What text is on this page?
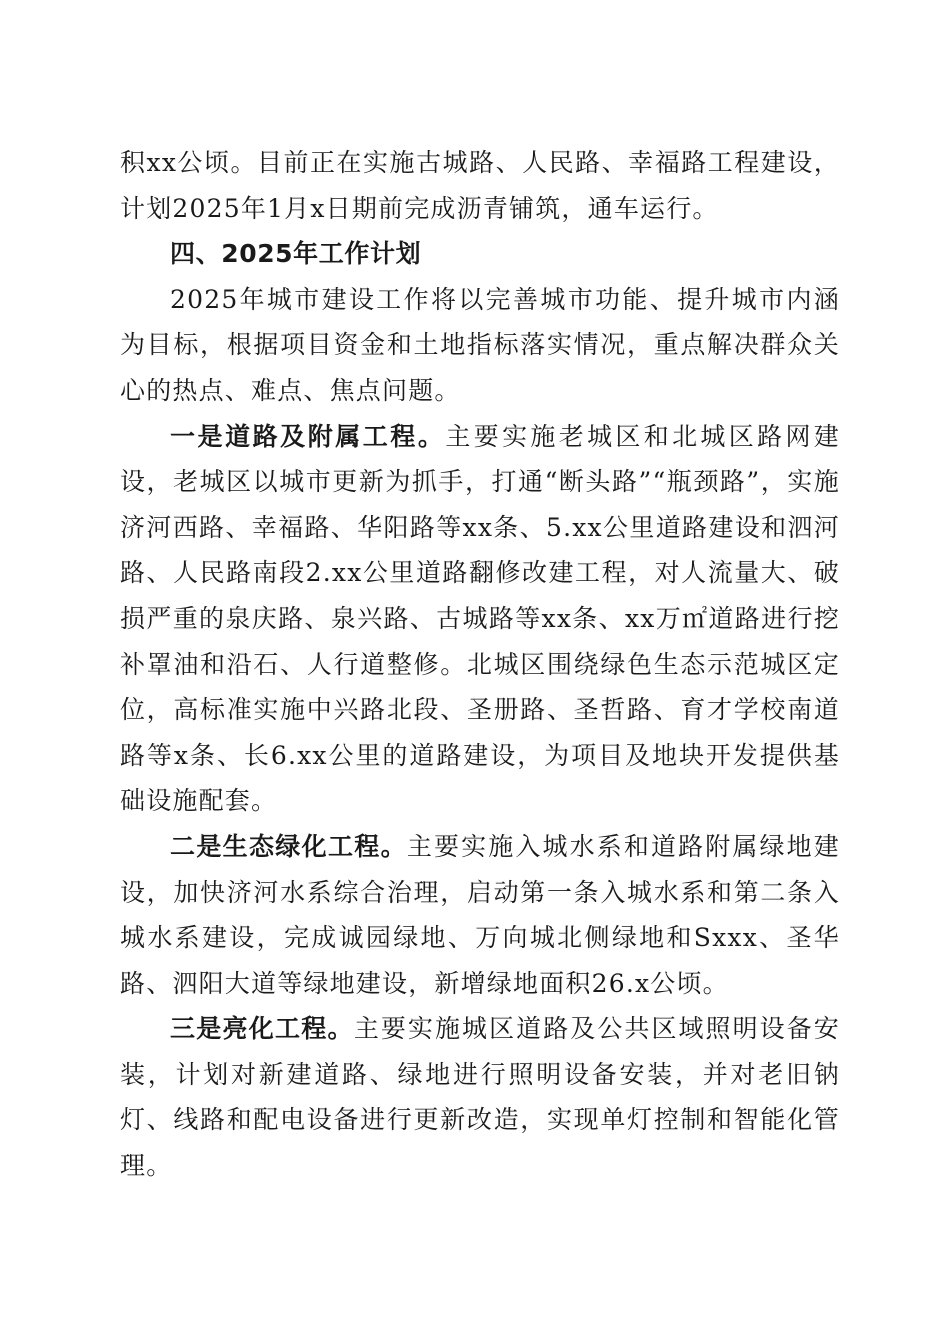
积xx公顷。目前正在实施古城路、人民路、幸福路工程建设，计划2025年1月x日期前完成沥青铺筑，通车运行。

四、2025年工作计划

2025年城市建设工作将以完善城市功能、提升城市内涵为目标，根据项目资金和土地指标落实情况，重点解决群众关心的热点、难点、焦点问题。

一是道路及附属工程。主要实施老城区和北城区路网建设，老城区以城市更新为抓手，打通“断头路”“瓶颈路”，实施济河西路、幸福路、华阳路等xx条、5.xx公里道路建设和泗河路、人民路南段2.xx公里道路翻修改建工程，对人流量大、破损严重的泉庆路、泉兴路、古城路等xx条、xx万㎡道路进行挖补罩油和沿石、人行道整修。北城区围绕绿色生态示范城区定位，高标准实施中兴路北段、圣册路、圣哲路、育才学校南道路等x条、长6.xx公里的道路建设，为项目及地块开发提供基础设施配套。

二是生态绿化工程。主要实施入城水系和道路附属绿地建设，加快济河水系综合治理，启动第一条入城水系和第二条入城水系建设，完成诚园绿地、万向城北侧绿地和Sxxx、圣华路、泗阳大道等绿地建设，新增绿地面积26.x公顷。

三是亮化工程。主要实施城区道路及公共区域照明设备安装，计划对新建道路、绿地进行照明设备安装，并对老旧钠灯、线路和配电设备进行更新改造，实现单灯控制和智能化管理。
